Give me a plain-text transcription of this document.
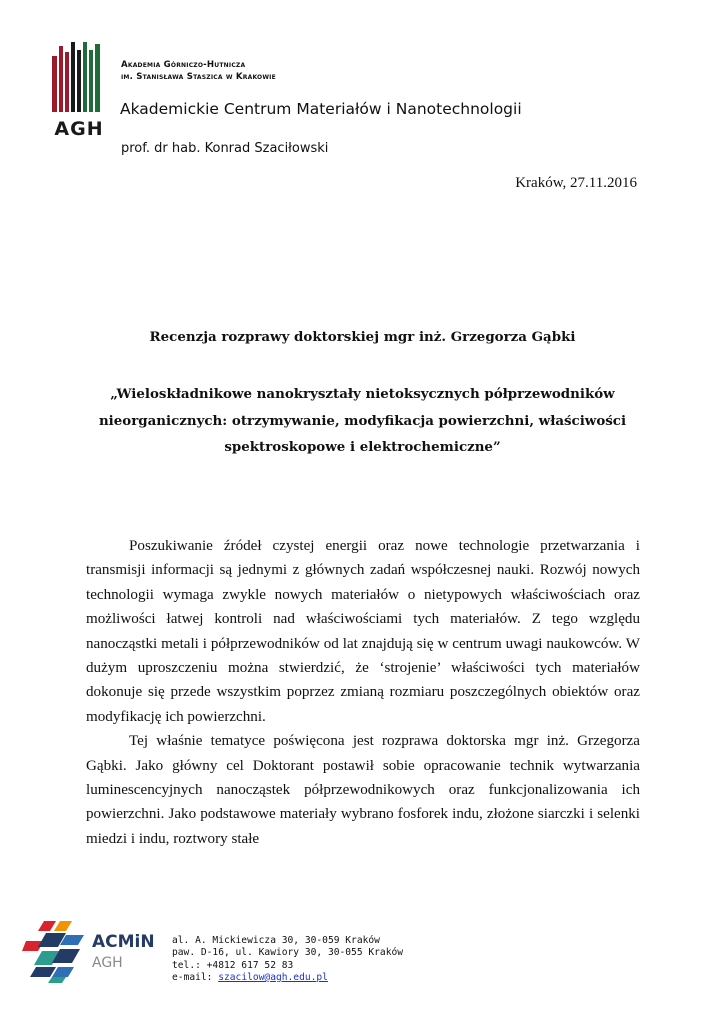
AGH
Akademia Górniczo-Hutnicza
im. Stanisława Staszica w Krakowie
Akademickie Centrum Materiałów i Nanotechnologii
prof. dr hab. Konrad Szaciłowski
Kraków, 27.11.2016
Recenzja rozprawy doktorskiej mgr inż. Grzegorza Gąbki
„Wieloskładnikowe nanokryształy nietoksycznych półprzewodników
nieorganicznych: otrzymywanie, modyfikacja powierzchni, właściwości
spektroskopowe i elektrochemiczne”

Poszukiwanie źródeł czystej energii oraz nowe technologie przetwarzania i transmisji informacji są jednymi z głównych zadań współczesnej nauki. Rozwój nowych technologii wymaga zwykle nowych materiałów o nietypowych właściwościach oraz możliwości łatwej kontroli nad właściwościami tych materiałów. Z tego względu nanocząstki metali i półprzewodników od lat znajdują się w centrum uwagi naukowców. W dużym uproszczeniu można stwierdzić, że ‘strojenie’ właściwości tych materiałów dokonuje się przede wszystkim poprzez zmianą rozmiaru poszczególnych obiektów oraz modyfikację ich powierzchni.

Tej właśnie tematyce poświęcona jest rozprawa doktorska mgr inż. Grzegorza Gąbki. Jako główny cel Doktorant postawił sobie opracowanie technik wytwarzania luminescencyjnych nanocząstek półprzewodnikowych oraz funkcjonalizowania ich powierzchni. Jako podstawowe materiały wybrano fosforek indu, złożone siarczki i selenki miedzi i indu, roztwory stałe

ACMiN
AGH
al. A. Mickiewicza 30, 30-059 Kraków
paw. D-16, ul. Kawiory 30, 30-055 Kraków
tel.: +4812 617 52 83
e-mail: szacilow@agh.edu.pl
